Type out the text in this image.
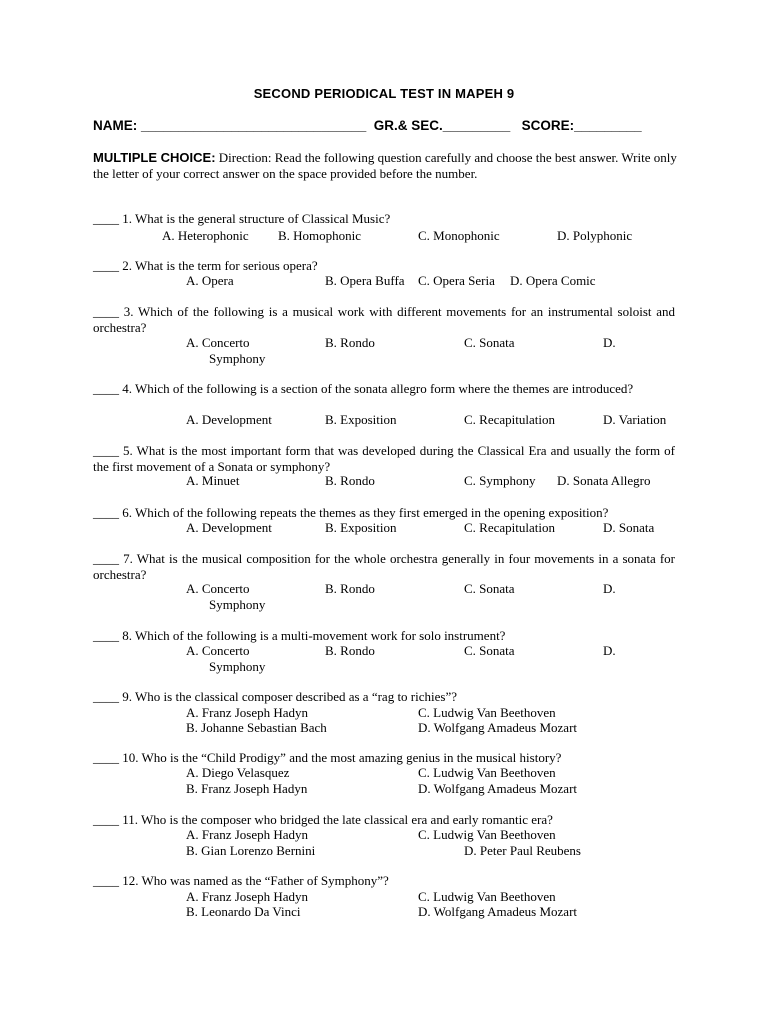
SECOND PERIODICAL TEST IN MAPEH 9
NAME: ______________________________  GR.& SEC._________   SCORE:_________
MULTIPLE CHOICE: Direction: Read the following question carefully and choose the best answer. Write only the letter of your correct answer on the space provided before the number.
____ 1. What is the general structure of Classical Music?
A. Heterophonic B. Homophonic	C. Monophonic	D. Polyphonic
____ 2. What is the term for serious opera?
A. Opera	B. Opera Buffa C. Opera Seria D. Opera Comic
____ 3. Which of the following is a musical work with different movements for an instrumental soloist and orchestra?
A. Concerto	B. Rondo	C. Sonata	D.
Symphony
____ 4. Which of the following is a section of the sonata allegro form where the themes are introduced?
A. Development	B. Exposition	C. Recapitulation	D. Variation
____ 5. What is the most important form that was developed during the Classical Era and usually the form of the first movement of a Sonata or symphony?
A. Minuet	B. Rondo	C. Symphony D. Sonata Allegro
____ 6. Which of the following repeats the themes as they first emerged in the opening exposition?
A. Development	B. Exposition	C. Recapitulation	D. Sonata
____ 7. What is the musical composition for the whole orchestra generally in four movements in a sonata for orchestra?
A. Concerto	B. Rondo	C. Sonata	D.
Symphony
____ 8. Which of the following is a multi-movement work for solo instrument?
A. Concerto	B. Rondo	C. Sonata	D.
Symphony
____ 9. Who is the classical composer described as a “rag to richies”?
A. Franz Joseph Hadyn	C. Ludwig Van Beethoven
B. Johanne Sebastian Bach	D. Wolfgang Amadeus Mozart
____ 10. Who is the “Child Prodigy” and the most amazing genius in the musical history?
A. Diego Velasquez	C. Ludwig Van Beethoven
B. Franz Joseph Hadyn	D. Wolfgang Amadeus Mozart
____ 11. Who is the composer who bridged the late classical era and early romantic era?
A. Franz Joseph Hadyn	C. Ludwig Van Beethoven
B. Gian Lorenzo Bernini	D. Peter Paul Reubens
____ 12. Who was named as the “Father of Symphony”?
A. Franz Joseph Hadyn	C. Ludwig Van Beethoven
B. Leonardo Da Vinci	D. Wolfgang Amadeus Mozart
